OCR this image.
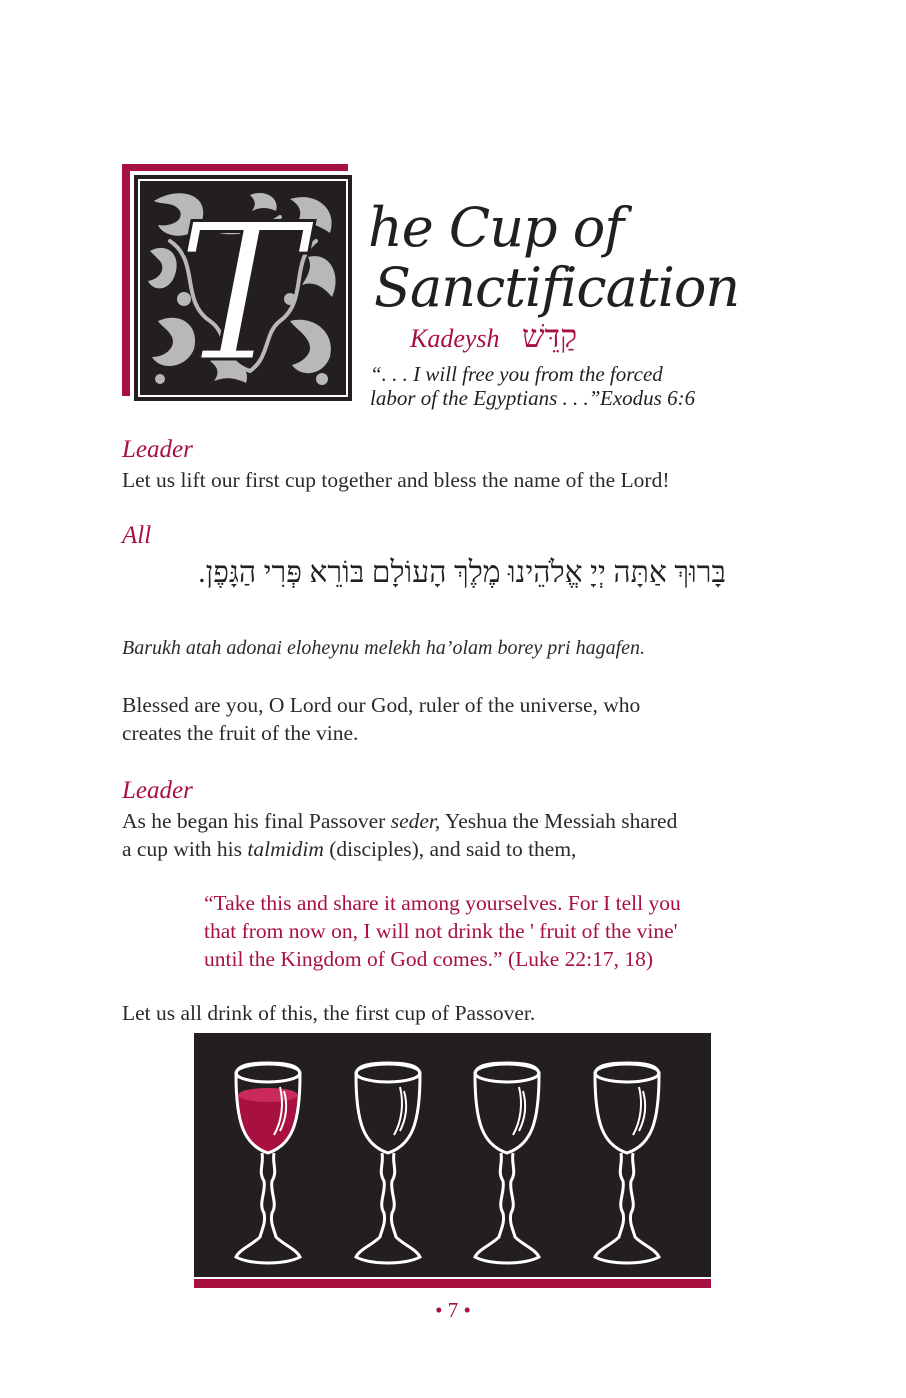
T he Cup of
Sanctification
Kadeysh קַדֵּשׁ
“. . . I will free you from the forced
labor of the Egyptians . . .” Exodus 6:6
Leader
Let us lift our first cup together and bless the name of the Lord!
All
בָּרוּךְ אַתָּה יְיָ אֱלֹהֵינוּ מֶלֶךְ הָעוֹלָם בּוֹרֵא פְּרִי הַגָּפֶן.
Barukh atah adonai eloheynu melekh ha’olam borey pri hagafen.
Blessed are you, O Lord our God, ruler of the universe, who
creates the fruit of the vine.
Leader
As he began his final Passover seder, Yeshua the Messiah shared
a cup with his talmidim (disciples), and said to them,
“Take this and share it among yourselves. For I tell you
that from now on, I will not drink the ' fruit of the vine'
until the Kingdom of God comes.” (Luke 22:17, 18)
Let us all drink of this, the first cup of Passover.
• 7 •
